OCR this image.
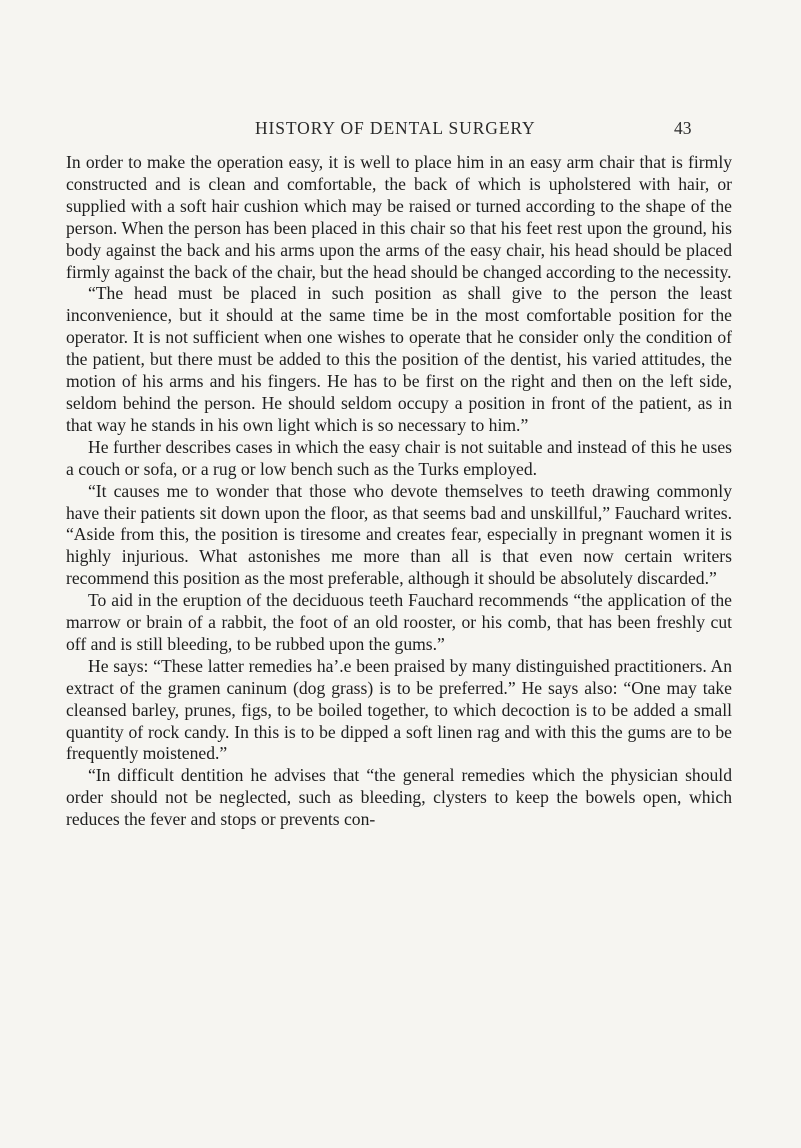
HISTORY OF DENTAL SURGERY	43

In order to make the operation easy, it is well to place him in an easy arm chair that is firmly constructed and is clean and comfortable, the back of which is upholstered with hair, or supplied with a soft hair cushion which may be raised or turned according to the shape of the person. When the person has been placed in this chair so that his feet rest upon the ground, his body against the back and his arms upon the arms of the easy chair, his head should be placed firmly against the back of the chair, but the head should be changed according to the necessity.

“The head must be placed in such position as shall give to the person the least inconvenience, but it should at the same time be in the most comfortable position for the operator. It is not sufficient when one wishes to operate that he consider only the condition of the patient, but there must be added to this the position of the dentist, his varied attitudes, the motion of his arms and his fingers. He has to be first on the right and then on the left side, seldom behind the person. He should seldom occupy a position in front of the patient, as in that way he stands in his own light which is so necessary to him.”

He further describes cases in which the easy chair is not suitable and instead of this he uses a couch or sofa, or a rug or low bench such as the Turks employed.

“It causes me to wonder that those who devote themselves to teeth drawing commonly have their patients sit down upon the floor, as that seems bad and unskillful,” Fauchard writes. “Aside from this, the position is tiresome and creates fear, especially in pregnant women it is highly injurious. What astonishes me more than all is that even now certain writers recommend this position as the most preferable, although it should be absolutely discarded.”

To aid in the eruption of the deciduous teeth Fauchard recommends “the application of the marrow or brain of a rabbit, the foot of an old rooster, or his comb, that has been freshly cut off and is still bleeding, to be rubbed upon the gums.”

He says: “These latter remedies ha’.e been praised by many distinguished practitioners. An extract of the gramen caninum (dog grass) is to be preferred.” He says also: “One may take cleansed barley, prunes, figs, to be boiled together, to which decoction is to be added a small quantity of rock candy. In this is to be dipped a soft linen rag and with this the gums are to be frequently moistened.”

“In difficult dentition he advises that “the general remedies which the physician should order should not be neglected, such as bleeding, clysters to keep the bowels open, which reduces the fever and stops or prevents con-
